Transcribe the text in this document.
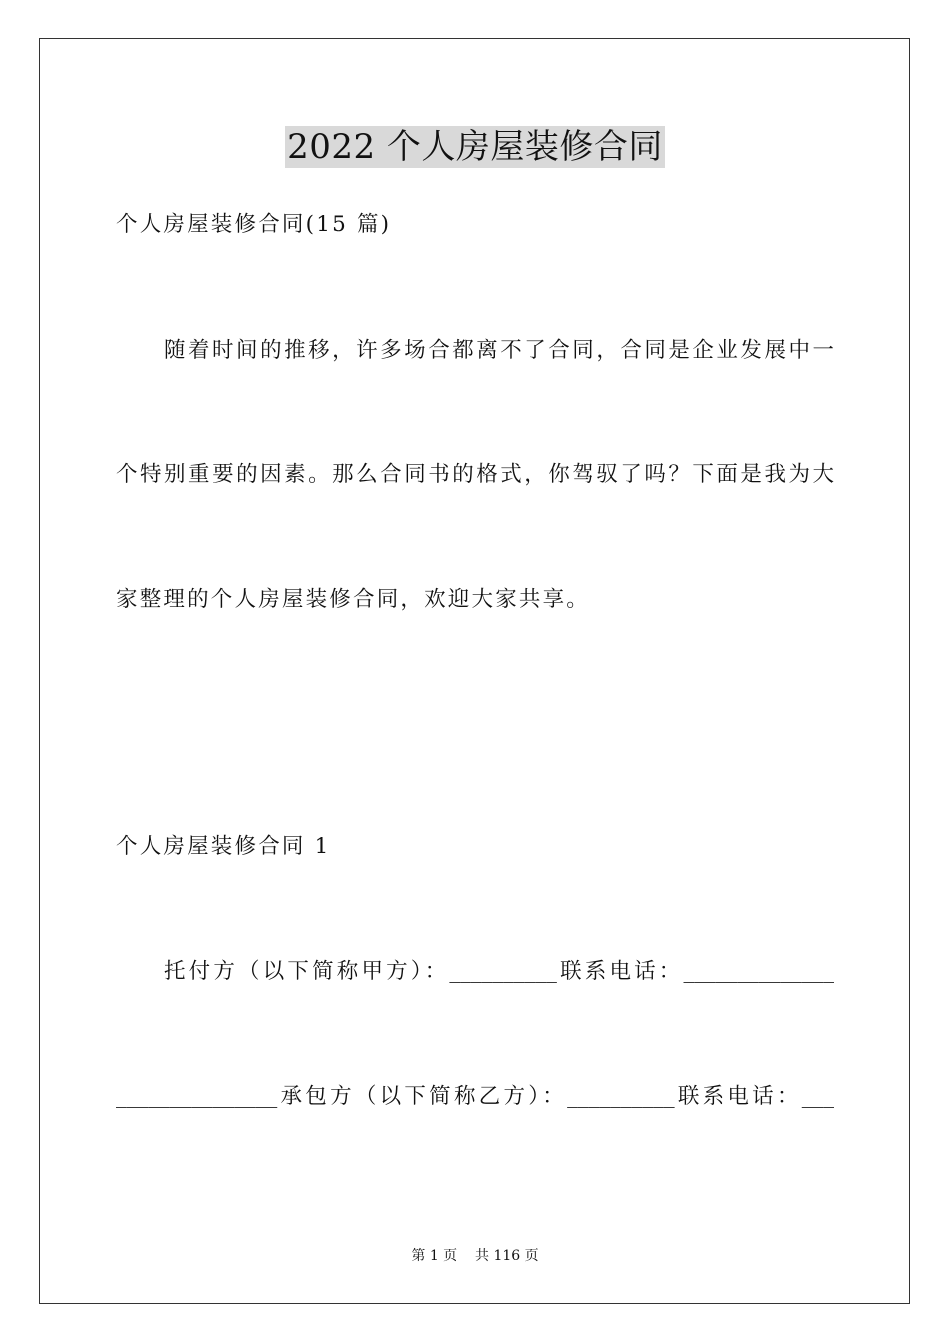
2022 个人房屋装修合同
个人房屋装修合同(15 篇)
随着时间的推移，许多场合都离不了合同，合同是企业发展中一
个特别重要的因素。那么合同书的格式，你驾驭了吗？下面是我为大
家整理的个人房屋装修合同，欢迎大家共享。
个人房屋装修合同 1
托付方（以下简称甲方）：__________联系电话：______________
_______________承包方（以下简称乙方）：__________联系电话：___
第 1 页 共 116 页
